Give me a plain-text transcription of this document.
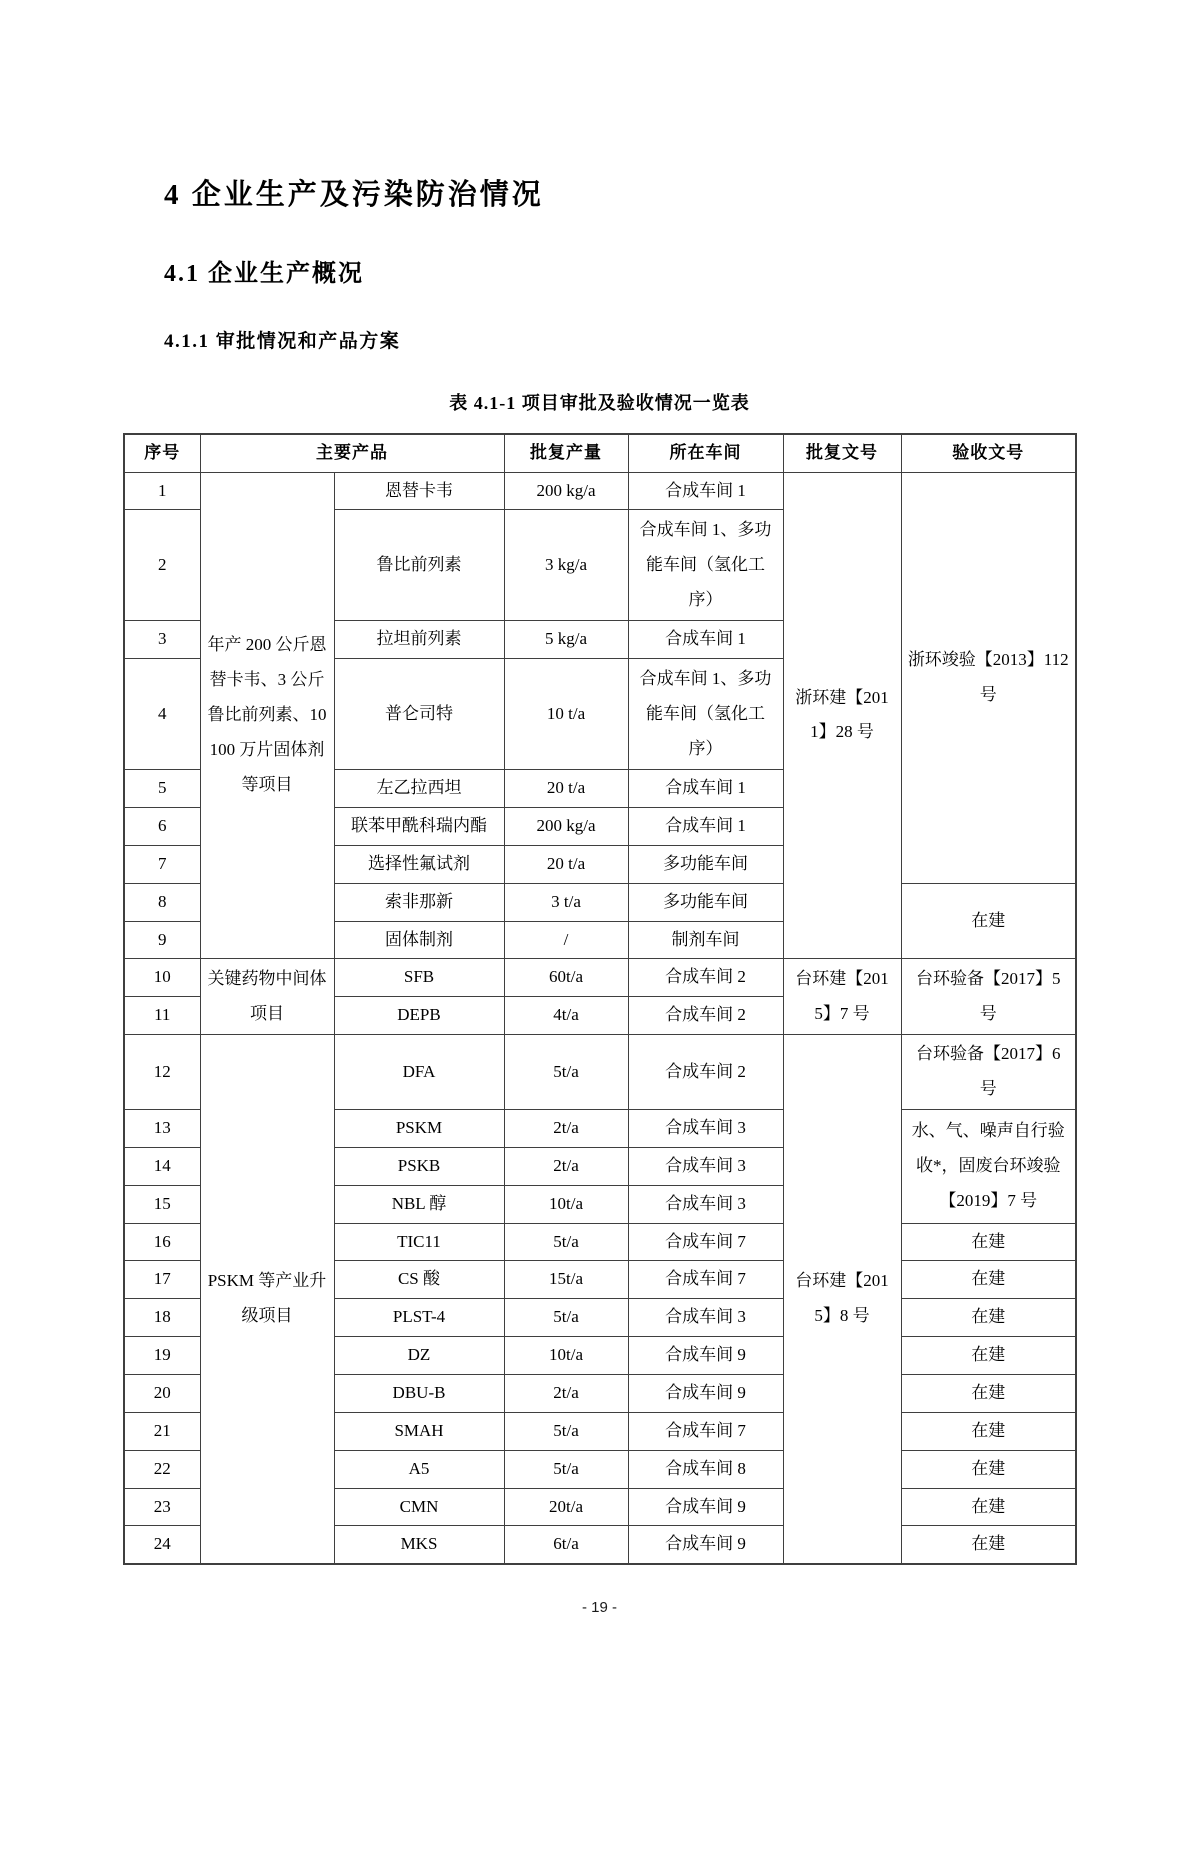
4 企业生产及污染防治情况
4.1 企业生产概况
4.1.1 审批情况和产品方案
表 4.1-1 项目审批及验收情况一览表
序号	主要产品		批复产量	所在车间	批复文号	验收文号
1	年产 200 公斤恩替卡韦、3 公斤鲁比前列素、10100 万片固体剂等项目	恩替卡韦	200 kg/a	合成车间 1	浙环建【2011】28 号	浙环竣验【2013】112 号
2		鲁比前列素	3 kg/a	合成车间 1、多功能车间（氢化工序）		
3		拉坦前列素	5 kg/a	合成车间 1		
4		普仑司特	10 t/a	合成车间 1、多功能车间（氢化工序）		
5		左乙拉西坦	20 t/a	合成车间 1		
6		联苯甲酰科瑞内酯	200 kg/a	合成车间 1		
7		选择性氟试剂	20 t/a	多功能车间		
8		索非那新	3 t/a	多功能车间		在建
9		固体制剂	/	制剂车间		
10	关键药物中间体项目	SFB	60t/a	合成车间 2	台环建【2015】7 号	台环验备【2017】5 号
11		DEPB	4t/a	合成车间 2		
12	PSKM 等产业升级项目	DFA	5t/a	合成车间 2	台环建【2015】8 号	台环验备【2017】6 号
13		PSKM	2t/a	合成车间 3		水、气、噪声自行验收*，固废台环竣验【2019】7 号
14		PSKB	2t/a	合成车间 3		
15		NBL 醇	10t/a	合成车间 3		
16		TIC11	5t/a	合成车间 7		在建
17		CS 酸	15t/a	合成车间 7		在建
18		PLST-4	5t/a	合成车间 3		在建
19		DZ	10t/a	合成车间 9		在建
20		DBU-B	2t/a	合成车间 9		在建
21		SMAH	5t/a	合成车间 7		在建
22		A5	5t/a	合成车间 8		在建
23		CMN	20t/a	合成车间 9		在建
24		MKS	6t/a	合成车间 9		在建
- 19 -
